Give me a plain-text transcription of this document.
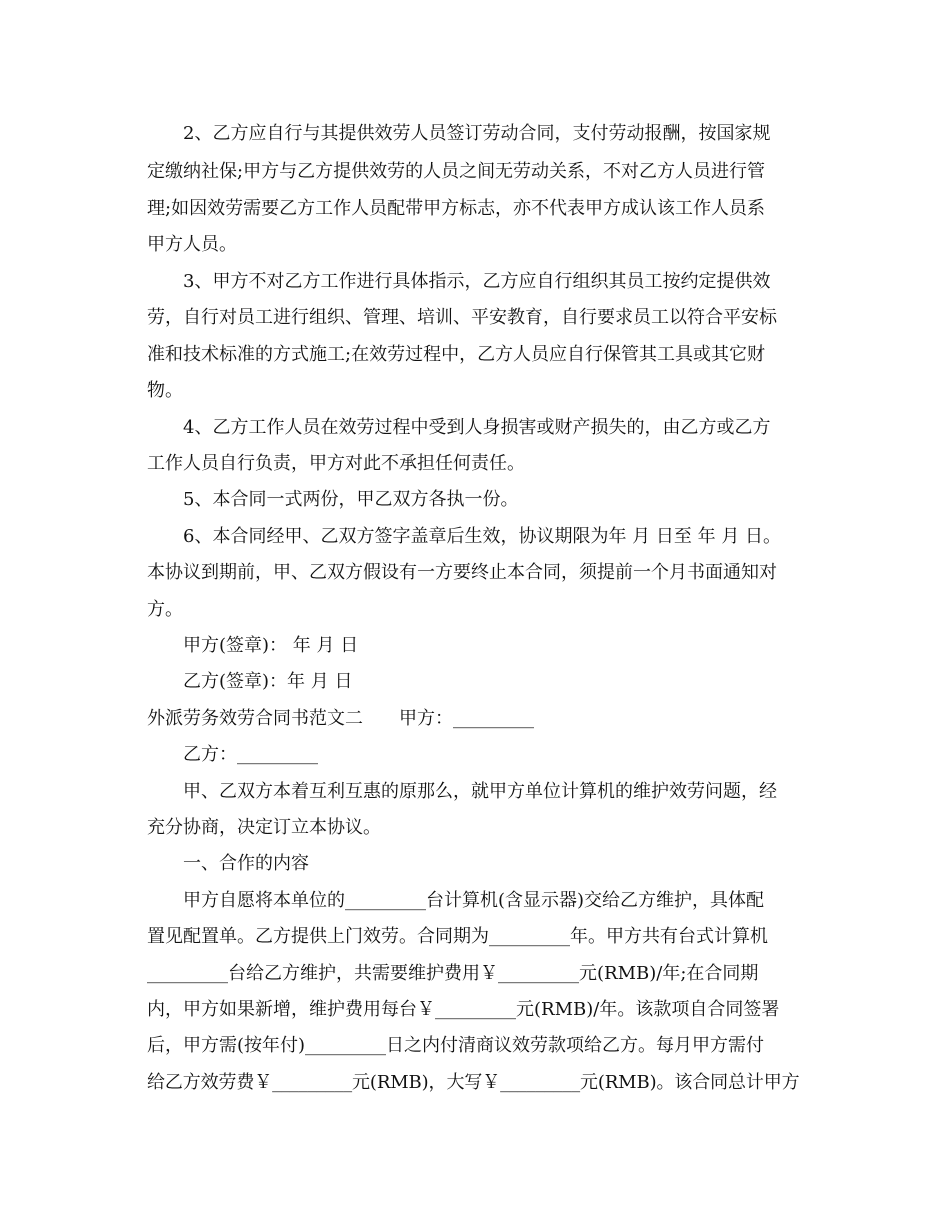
2、乙方应自行与其提供效劳人员签订劳动合同，支付劳动报酬，按国家规
定缴纳社保;甲方与乙方提供效劳的人员之间无劳动关系，不对乙方人员进行管
理;如因效劳需要乙方工作人员配带甲方标志，亦不代表甲方成认该工作人员系
甲方人员。
3、甲方不对乙方工作进行具体指示，乙方应自行组织其员工按约定提供效
劳，自行对员工进行组织、管理、培训、平安教育，自行要求员工以符合平安标
准和技术标准的方式施工;在效劳过程中，乙方人员应自行保管其工具或其它财
物。
4、乙方工作人员在效劳过程中受到人身损害或财产损失的，由乙方或乙方
工作人员自行负责，甲方对此不承担任何责任。
5、本合同一式两份，甲乙双方各执一份。
6、本合同经甲、乙双方签字盖章后生效，协议期限为年 月 日至 年 月 日。
本协议到期前，甲、乙双方假设有一方要终止本合同，须提前一个月书面通知对
方。
甲方(签章)： 年 月 日
乙方(签章)：年 月 日
外派劳务效劳合同书范文二 甲方：_________
乙方：_________
甲、乙双方本着互利互惠的原那么，就甲方单位计算机的维护效劳问题，经
充分协商，决定订立本协议。
一、合作的内容
甲方自愿将本单位的_________台计算机(含显示器)交给乙方维护，具体配
置见配置单。乙方提供上门效劳。合同期为_________年。甲方共有台式计算机
_________台给乙方维护，共需要维护费用￥_________元(RMB)/年;在合同期
内，甲方如果新增，维护费用每台￥_________元(RMB)/年。该款项自合同签署
后，甲方需(按年付)_________日之内付清商议效劳款项给乙方。每月甲方需付
给乙方效劳费￥_________元(RMB)，大写￥_________元(RMB)。该合同总计甲方
